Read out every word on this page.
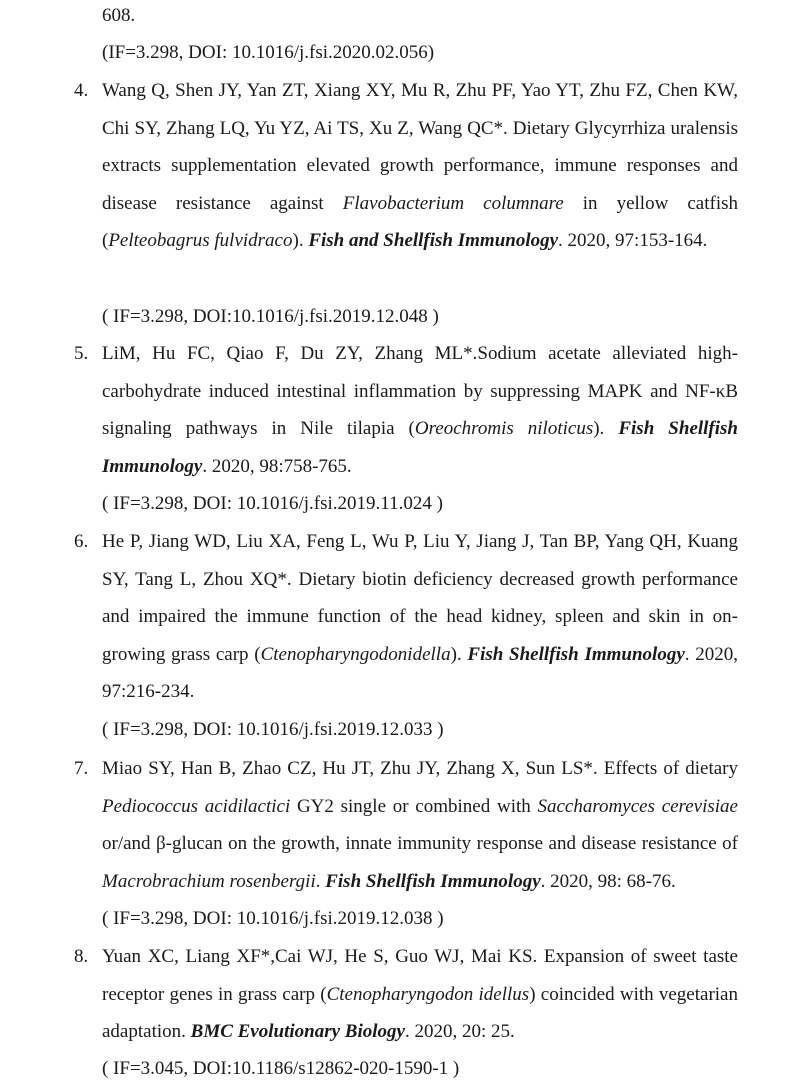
608.
(IF=3.298, DOI: 10.1016/j.fsi.2020.02.056)
4. Wang Q, Shen JY, Yan ZT, Xiang XY, Mu R, Zhu PF, Yao YT, Zhu FZ, Chen KW, Chi SY, Zhang LQ, Yu YZ, Ai TS, Xu Z, Wang QC*. Dietary Glycyrrhiza uralensis extracts supplementation elevated growth performance, immune responses and disease resistance against Flavobacterium columnare in yellow catfish (Pelteobagrus fulvidraco). Fish and Shellfish Immunology. 2020, 97:153-164.
( IF=3.298, DOI:10.1016/j.fsi.2019.12.048 )
5. LiM, Hu FC, Qiao F, Du ZY, Zhang ML*.Sodium acetate alleviated high-carbohydrate induced intestinal inflammation by suppressing MAPK and NF-κB signaling pathways in Nile tilapia (Oreochromis niloticus). Fish Shellfish Immunology. 2020, 98:758-765.
( IF=3.298, DOI: 10.1016/j.fsi.2019.11.024 )
6. He P, Jiang WD, Liu XA, Feng L, Wu P, Liu Y, Jiang J, Tan BP, Yang QH, Kuang SY, Tang L, Zhou XQ*. Dietary biotin deficiency decreased growth performance and impaired the immune function of the head kidney, spleen and skin in on-growing grass carp (Ctenopharyngodonidella). Fish Shellfish Immunology. 2020, 97:216-234.
( IF=3.298, DOI: 10.1016/j.fsi.2019.12.033 )
7. Miao SY, Han B, Zhao CZ, Hu JT, Zhu JY, Zhang X, Sun LS*. Effects of dietary Pediococcus acidilactici GY2 single or combined with Saccharomyces cerevisiae or/and β-glucan on the growth, innate immunity response and disease resistance of Macrobrachium rosenbergii. Fish Shellfish Immunology. 2020, 98: 68-76.
( IF=3.298, DOI: 10.1016/j.fsi.2019.12.038 )
8. Yuan XC, Liang XF*,Cai WJ, He S, Guo WJ, Mai KS. Expansion of sweet taste receptor genes in grass carp (Ctenopharyngodon idellus) coincided with vegetarian adaptation. BMC Evolutionary Biology. 2020, 20: 25.
( IF=3.045, DOI:10.1186/s12862-020-1590-1 )
